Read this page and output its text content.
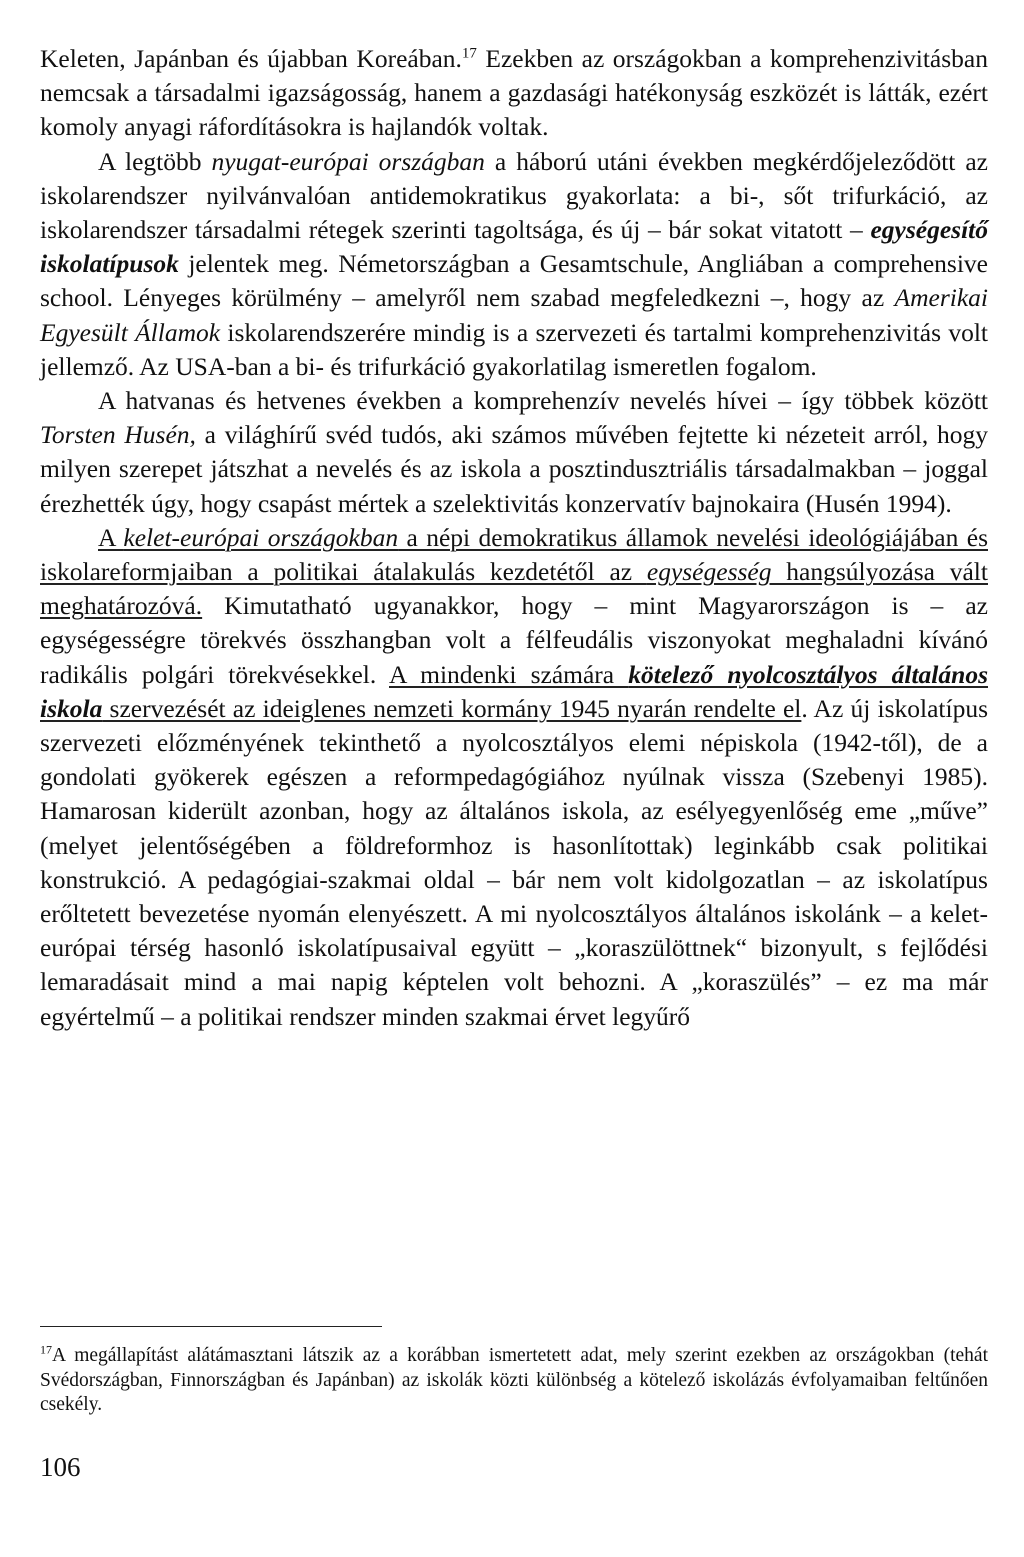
Keleten, Japánban és újabban Koreában.$^{17}$ Ezekben az országokban a komprehenzivitásban nemcsak a társadalmi igazságosság, hanem a gazdasági hatékonyság eszközét is látták, ezért komoly anyagi ráfordításokra is hajlandók voltak.

A legtöbb nyugat-európai országban a háború utáni években megkérdőjeleződött az iskolarendszer nyilvánvalóan antidemokratikus gyakorlata: a bi-, sőt trifurkáció, az iskolarendszer társadalmi rétegek szerinti tagoltsága, és új – bár sokat vitatott – egységesítő iskolatípusok jelentek meg. Németországban a Gesamtschule, Angliában a comprehensive school. Lényeges körülmény – amelyről nem szabad megfeledkezni –, hogy az Amerikai Egyesült Államok iskolarendszerére mindig is a szervezeti és tartalmi komprehenzivitás volt jellemző. Az USA-ban a bi- és trifurkáció gyakorlatilag ismeretlen fogalom.

A hatvanas és hetvenes években a komprehenzív nevelés hívei – így többek között Torsten Husén, a világhírű svéd tudós, aki számos művében fejtette ki nézeteit arról, hogy milyen szerepet játszhat a nevelés és az iskola a posztindusztriális társadalmakban – joggal érezhették úgy, hogy csapást mértek a szelektivitás konzervatív bajnokaira (Husén 1994).

A kelet-európai országokban a népi demokratikus államok nevelési ideológiájában és iskolareformjaiban a politikai átalakulás kezdetétől az egységesség hangsúlyozása vált meghatározóvá. Kimutatható ugyanakkor, hogy – mint Magyarországon is – az egységességre törekvés összhangban volt a félfeudális viszonyokat meghaladni kívánó radikális polgári törekvésekkel. A mindenki számára kötelező nyolcosztályos általános iskola szervezését az ideiglenes nemzeti kormány 1945 nyarán rendelte el. Az új iskolatípus szervezeti előzményének tekinthető a nyolcosztályos elemi népiskola (1942-től), de a gondolati gyökerek egészen a reformpedagógiához nyúlnak vissza (Szebenyi 1985). Hamarosan kiderült azonban, hogy az általános iskola, az esélyegyenlőség eme „műve” (melyet jelentőségében a földreformhoz is hasonlítottak) leginkább csak politikai konstrukció. A pedagógiai-szakmai oldal – bár nem volt kidolgozatlan – az iskolatípus erőltetett bevezetése nyomán elenyészett. A mi nyolcosztályos általános iskolánk – a kelet-európai térség hasonló iskolatípusaival együtt – „koraszülöttnek“ bizonyult, s fejlődési lemaradásait mind a mai napig képtelen volt behozni. A „koraszülés” – ez ma már egyértelmű – a politikai rendszer minden szakmai érvet legyűrő

$^{17}$A megállapítást alátámasztani látszik az a korábban ismertetett adat, mely szerint ezekben az országokban (tehát Svédországban, Finnországban és Japánban) az iskolák közti különbség a kötelező iskolázás évfolyamaiban feltűnően csekély.

106
